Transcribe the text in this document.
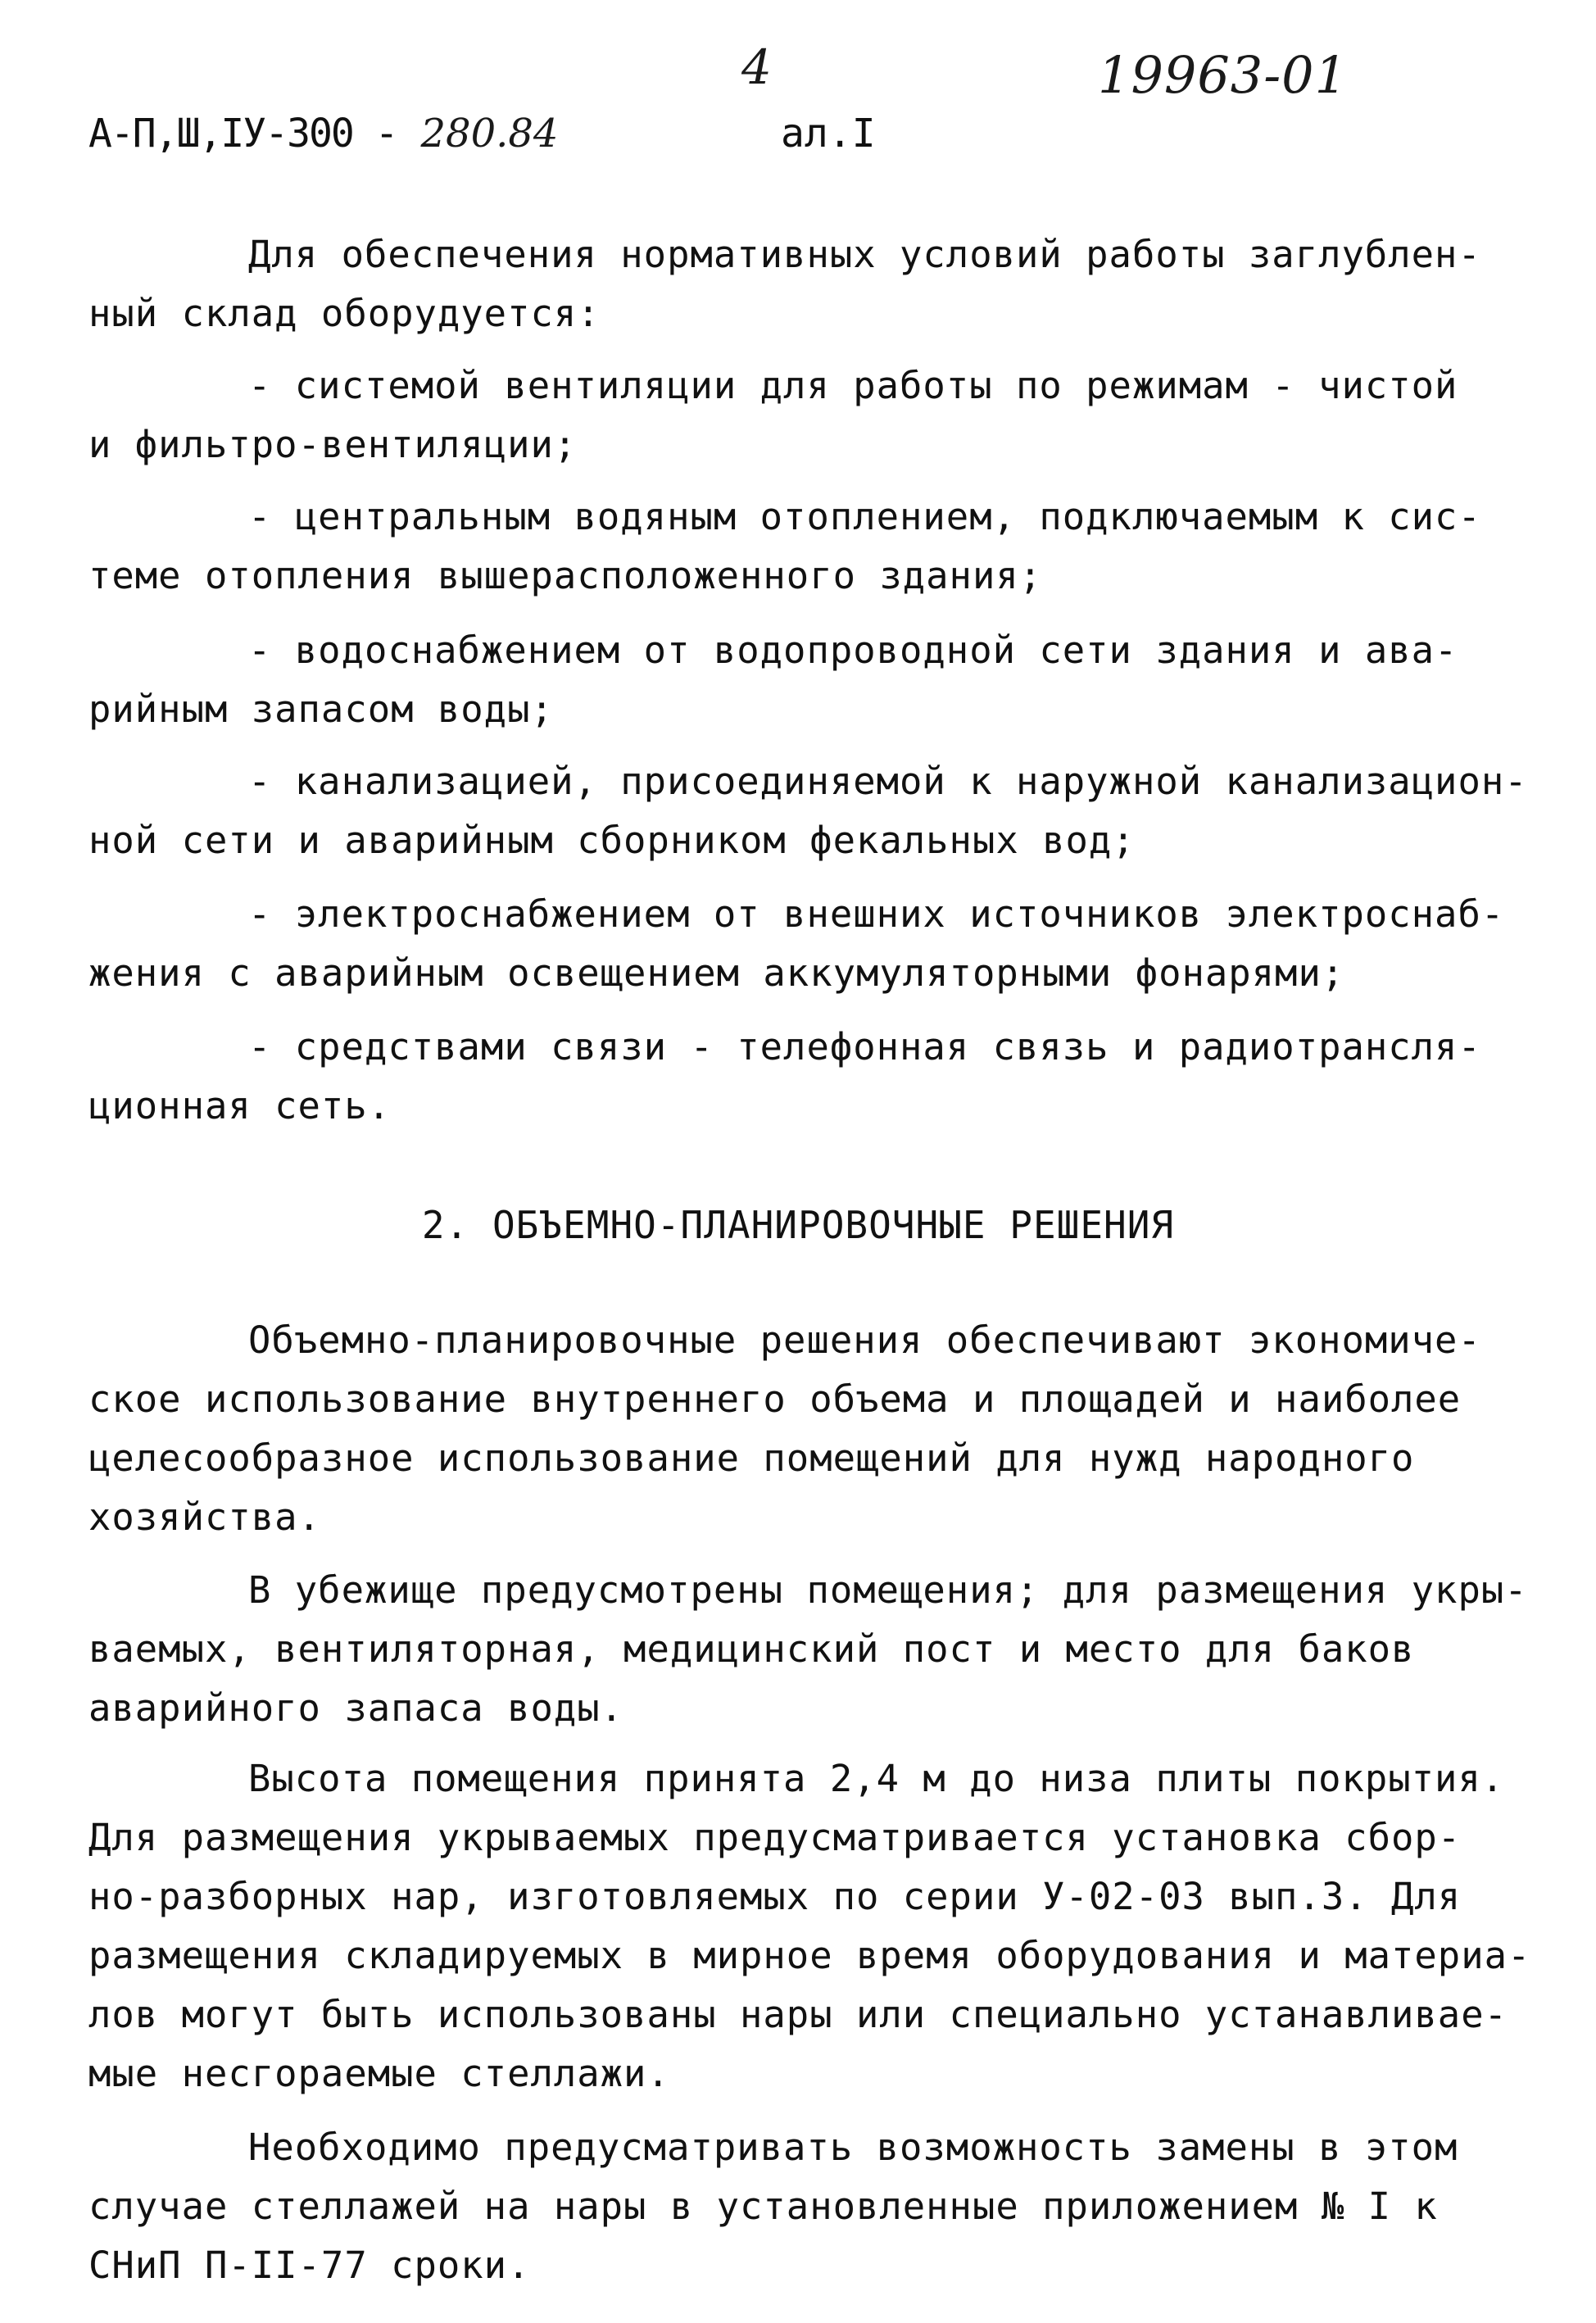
4	19963-01
А-П,Ш,IУ-300 - 280.84	ал.I
Для обеспечения нормативных условий работы заглублен-
ный склад оборудуется:
- системой вентиляции для работы по режимам - чистой
и фильтро-вентиляции;
- центральным водяным отоплением, подключаемым к сис-
теме отопления вышерасположенного здания;
- водоснабжением от водопроводной сети здания и ава-
рийным запасом воды;
- канализацией, присоединяемой к наружной канализацион-
ной сети и аварийным сборником фекальных вод;
- электроснабжением от внешних источников электроснаб-
жения с аварийным освещением аккумуляторными фонарями;
- средствами связи - телефонная связь и радиотрансля-
ционная сеть.
2. ОБЪЕМНО-ПЛАНИРОВОЧНЫЕ РЕШЕНИЯ
Объемно-планировочные решения обеспечивают экономиче-
ское использование внутреннего объема и площадей и наиболее
целесообразное использование помещений для нужд народного
хозяйства.
В убежище предусмотрены помещения; для размещения укры-
ваемых, вентиляторная, медицинский пост и место для баков
аварийного запаса воды.
Высота помещения принята 2,4 м до низа плиты покрытия.
Для размещения укрываемых предусматривается установка сбор-
но-разборных нар, изготовляемых по серии У-02-03 вып.3. Для
размещения складируемых в мирное время оборудования и материа-
лов могут быть использованы нары или специально устанавливае-
мые несгораемые стеллажи.
Необходимо предусматривать возможность замены в этом
случае стеллажей на нары в установленные приложением № I к
СНиП П-II-77 сроки.
